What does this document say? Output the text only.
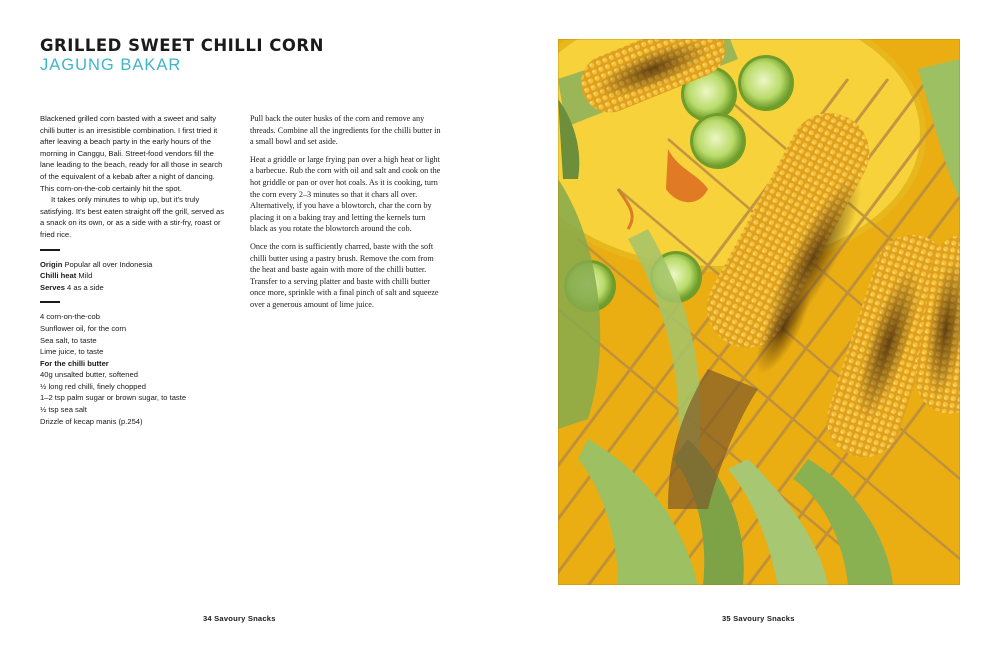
GRILLED SWEET CHILLI CORN
JAGUNG BAKAR

Blackened grilled corn basted with a sweet and salty chilli butter is an irresistible combination. I first tried it after leaving a beach party in the early hours of the morning in Canggu, Bali. Street-food vendors fill the lane leading to the beach, ready for all those in search of the equivalent of a kebab after a night of dancing. This corn-on-the-cob certainly hit the spot.

It takes only minutes to whip up, but it's truly satisfying. It's best eaten straight off the grill, served as a snack on its own, or as a side with a stir-fry, roast or fried rice.

Origin Popular all over Indonesia

Chilli heat Mild

Serves 4 as a side

4 corn-on-the-cob

Sunflower oil, for the corn

Sea salt, to taste

Lime juice, to taste

For the chilli butter

40g unsalted butter, softened

½ long red chilli, finely chopped

1–2 tsp palm sugar or brown sugar, to taste

½ tsp sea salt

Drizzle of kecap manis (p.254)

Pull back the outer husks of the corn and remove any threads. Combine all the ingredients for the chilli butter in a small bowl and set aside.

Heat a griddle or large frying pan over a high heat or light a barbecue. Rub the corn with oil and salt and cook on the hot griddle or pan or over hot coals. As it is cooking, turn the corn every 2–3 minutes so that it chars all over. Alternatively, if you have a blowtorch, char the corn by placing it on a baking tray and letting the kernels turn black as you rotate the blowtorch around the cob.

Once the corn is sufficiently charred, baste with the soft chilli butter using a pastry brush. Remove the corn from the heat and baste again with more of the chilli butter. Transfer to a serving platter and baste with chilli butter once more, sprinkle with a final pinch of salt and squeeze over a generous amount of lime juice.

34 Savoury Snacks	35 Savoury Snacks
